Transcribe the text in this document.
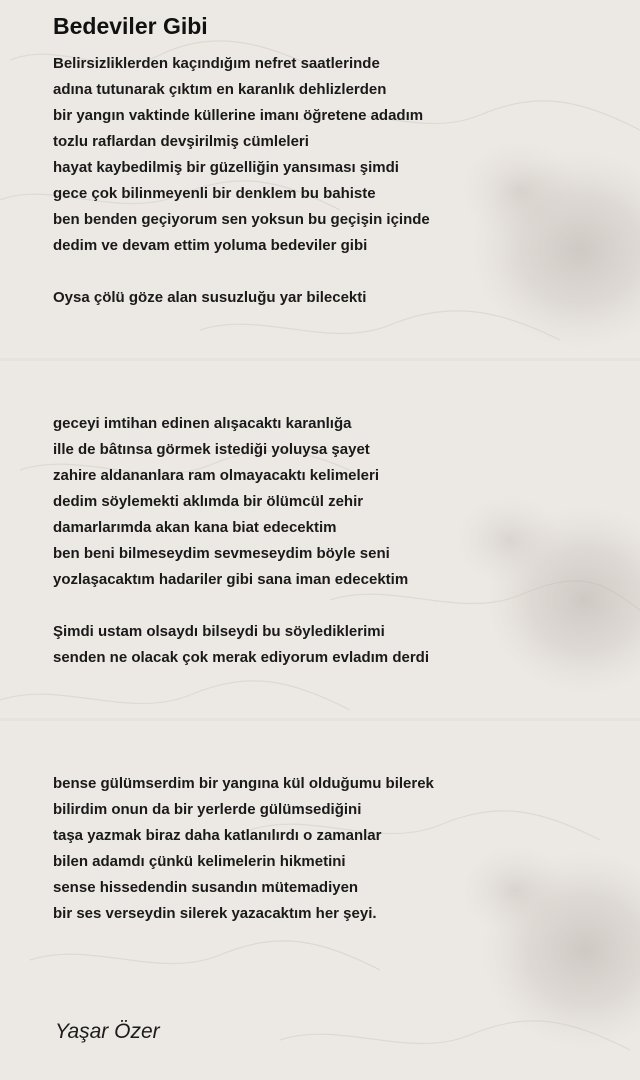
Bedeviler Gibi
Belirsizliklerden kaçındığım nefret saatlerinde
adına tutunarak çıktım en karanlık dehlizlerden
bir yangın vaktinde küllerine imanı öğretene adadım
tozlu raflardan devşirilmiş cümleleri
hayat kaybedilmiş bir güzelliğin yansıması şimdi
gece çok bilinmeyenli bir denklem bu bahiste
ben benden geçiyorum sen yoksun bu geçişin içinde
dedim ve devam ettim yoluma bedeviler gibi
Oysa çölü göze alan susuzluğu yar bilecekti
geceyi imtihan edinen alışacaktı karanlığa
ille de bâtınsa görmek istediği yoluysa şayet
zahire aldananlara ram olmayacaktı kelimeleri
dedim söylemekti aklımda bir ölümcül zehir
damarlarımda akan kana biat edecektim
ben beni bilmeseydim sevmeseydim böyle seni
yozlaşacaktım hadariler gibi sana iman edecektim
Şimdi ustam olsaydı bilseydi bu söylediklerimi
senden ne olacak çok merak ediyorum evladım derdi
bense gülümserdim bir yangına kül olduğumu bilerek
bilirdim onun da bir yerlerde gülümsediğini
taşa yazmak biraz daha katlanılırdı o zamanlar
bilen adamdı çünkü kelimelerin hikmetini
sense hissedendin susandın mütemadiyen
bir ses verseydin silerek yazacaktım her şeyi.
Yaşar Özer
